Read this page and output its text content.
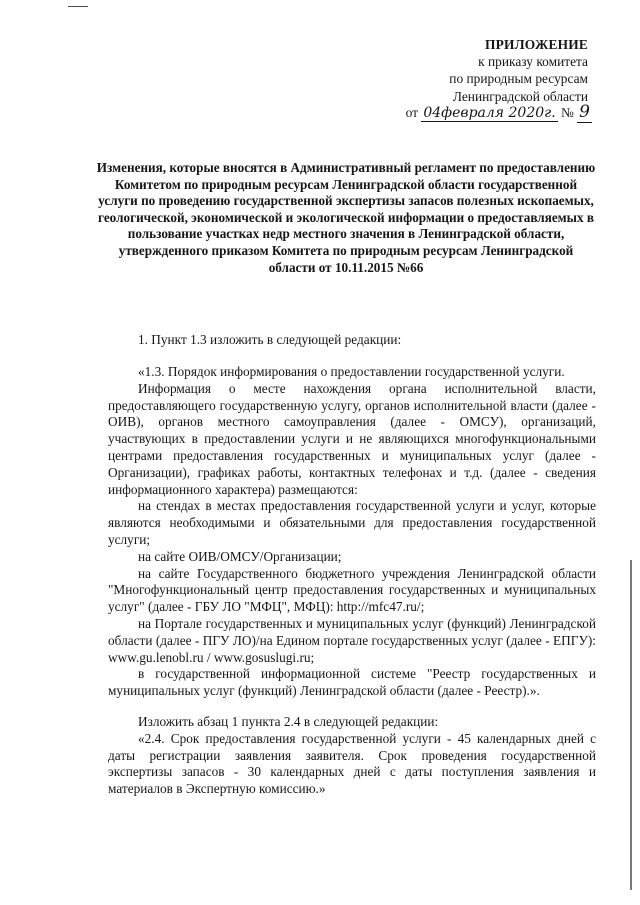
ПРИЛОЖЕНИЕ
к приказу комитета
по природным ресурсам
Ленинградской области
от 04февраля 2020г. № 9
Изменения, которые вносятся в Административный регламент по предоставлению Комитетом по природным ресурсам Ленинградской области государственной услуги по проведению государственной экспертизы запасов полезных ископаемых, геологической, экономической и экологической информации о предоставляемых в пользование участках недр местного значения в Ленинградской области, утвержденного приказом Комитета по природным ресурсам Ленинградской области от 10.11.2015 №66

1. Пункт 1.3 изложить в следующей редакции:

«1.3. Порядок информирования о предоставлении государственной услуги.

Информация о месте нахождения органа исполнительной власти, предоставляющего государственную услугу, органов исполнительной власти (далее - ОИВ), органов местного самоуправления (далее - ОМСУ), организаций, участвующих в предоставлении услуги и не являющихся многофункциональными центрами предоставления государственных и муниципальных услуг (далее - Организации), графиках работы, контактных телефонах и т.д. (далее - сведения информационного характера) размещаются:

на стендах в местах предоставления государственной услуги и услуг, которые являются необходимыми и обязательными для предоставления государственной услуги;

на сайте ОИВ/ОМСУ/Организации;

на сайте Государственного бюджетного учреждения Ленинградской области "Многофункциональный центр предоставления государственных и муниципальных услуг" (далее - ГБУ ЛО "МФЦ", МФЦ): http://mfc47.ru/;

на Портале государственных и муниципальных услуг (функций) Ленинградской области (далее - ПГУ ЛО)/на Едином портале государственных услуг (далее - ЕПГУ): www.gu.lenobl.ru / www.gosuslugi.ru;

в государственной информационной системе "Реестр государственных и муниципальных услуг (функций) Ленинградской области (далее - Реестр).».

Изложить абзац 1 пункта 2.4 в следующей редакции:

«2.4. Срок предоставления государственной услуги - 45 календарных дней с даты регистрации заявления заявителя. Срок проведения государственной экспертизы запасов - 30 календарных дней с даты поступления заявления и материалов в Экспертную комиссию.»
